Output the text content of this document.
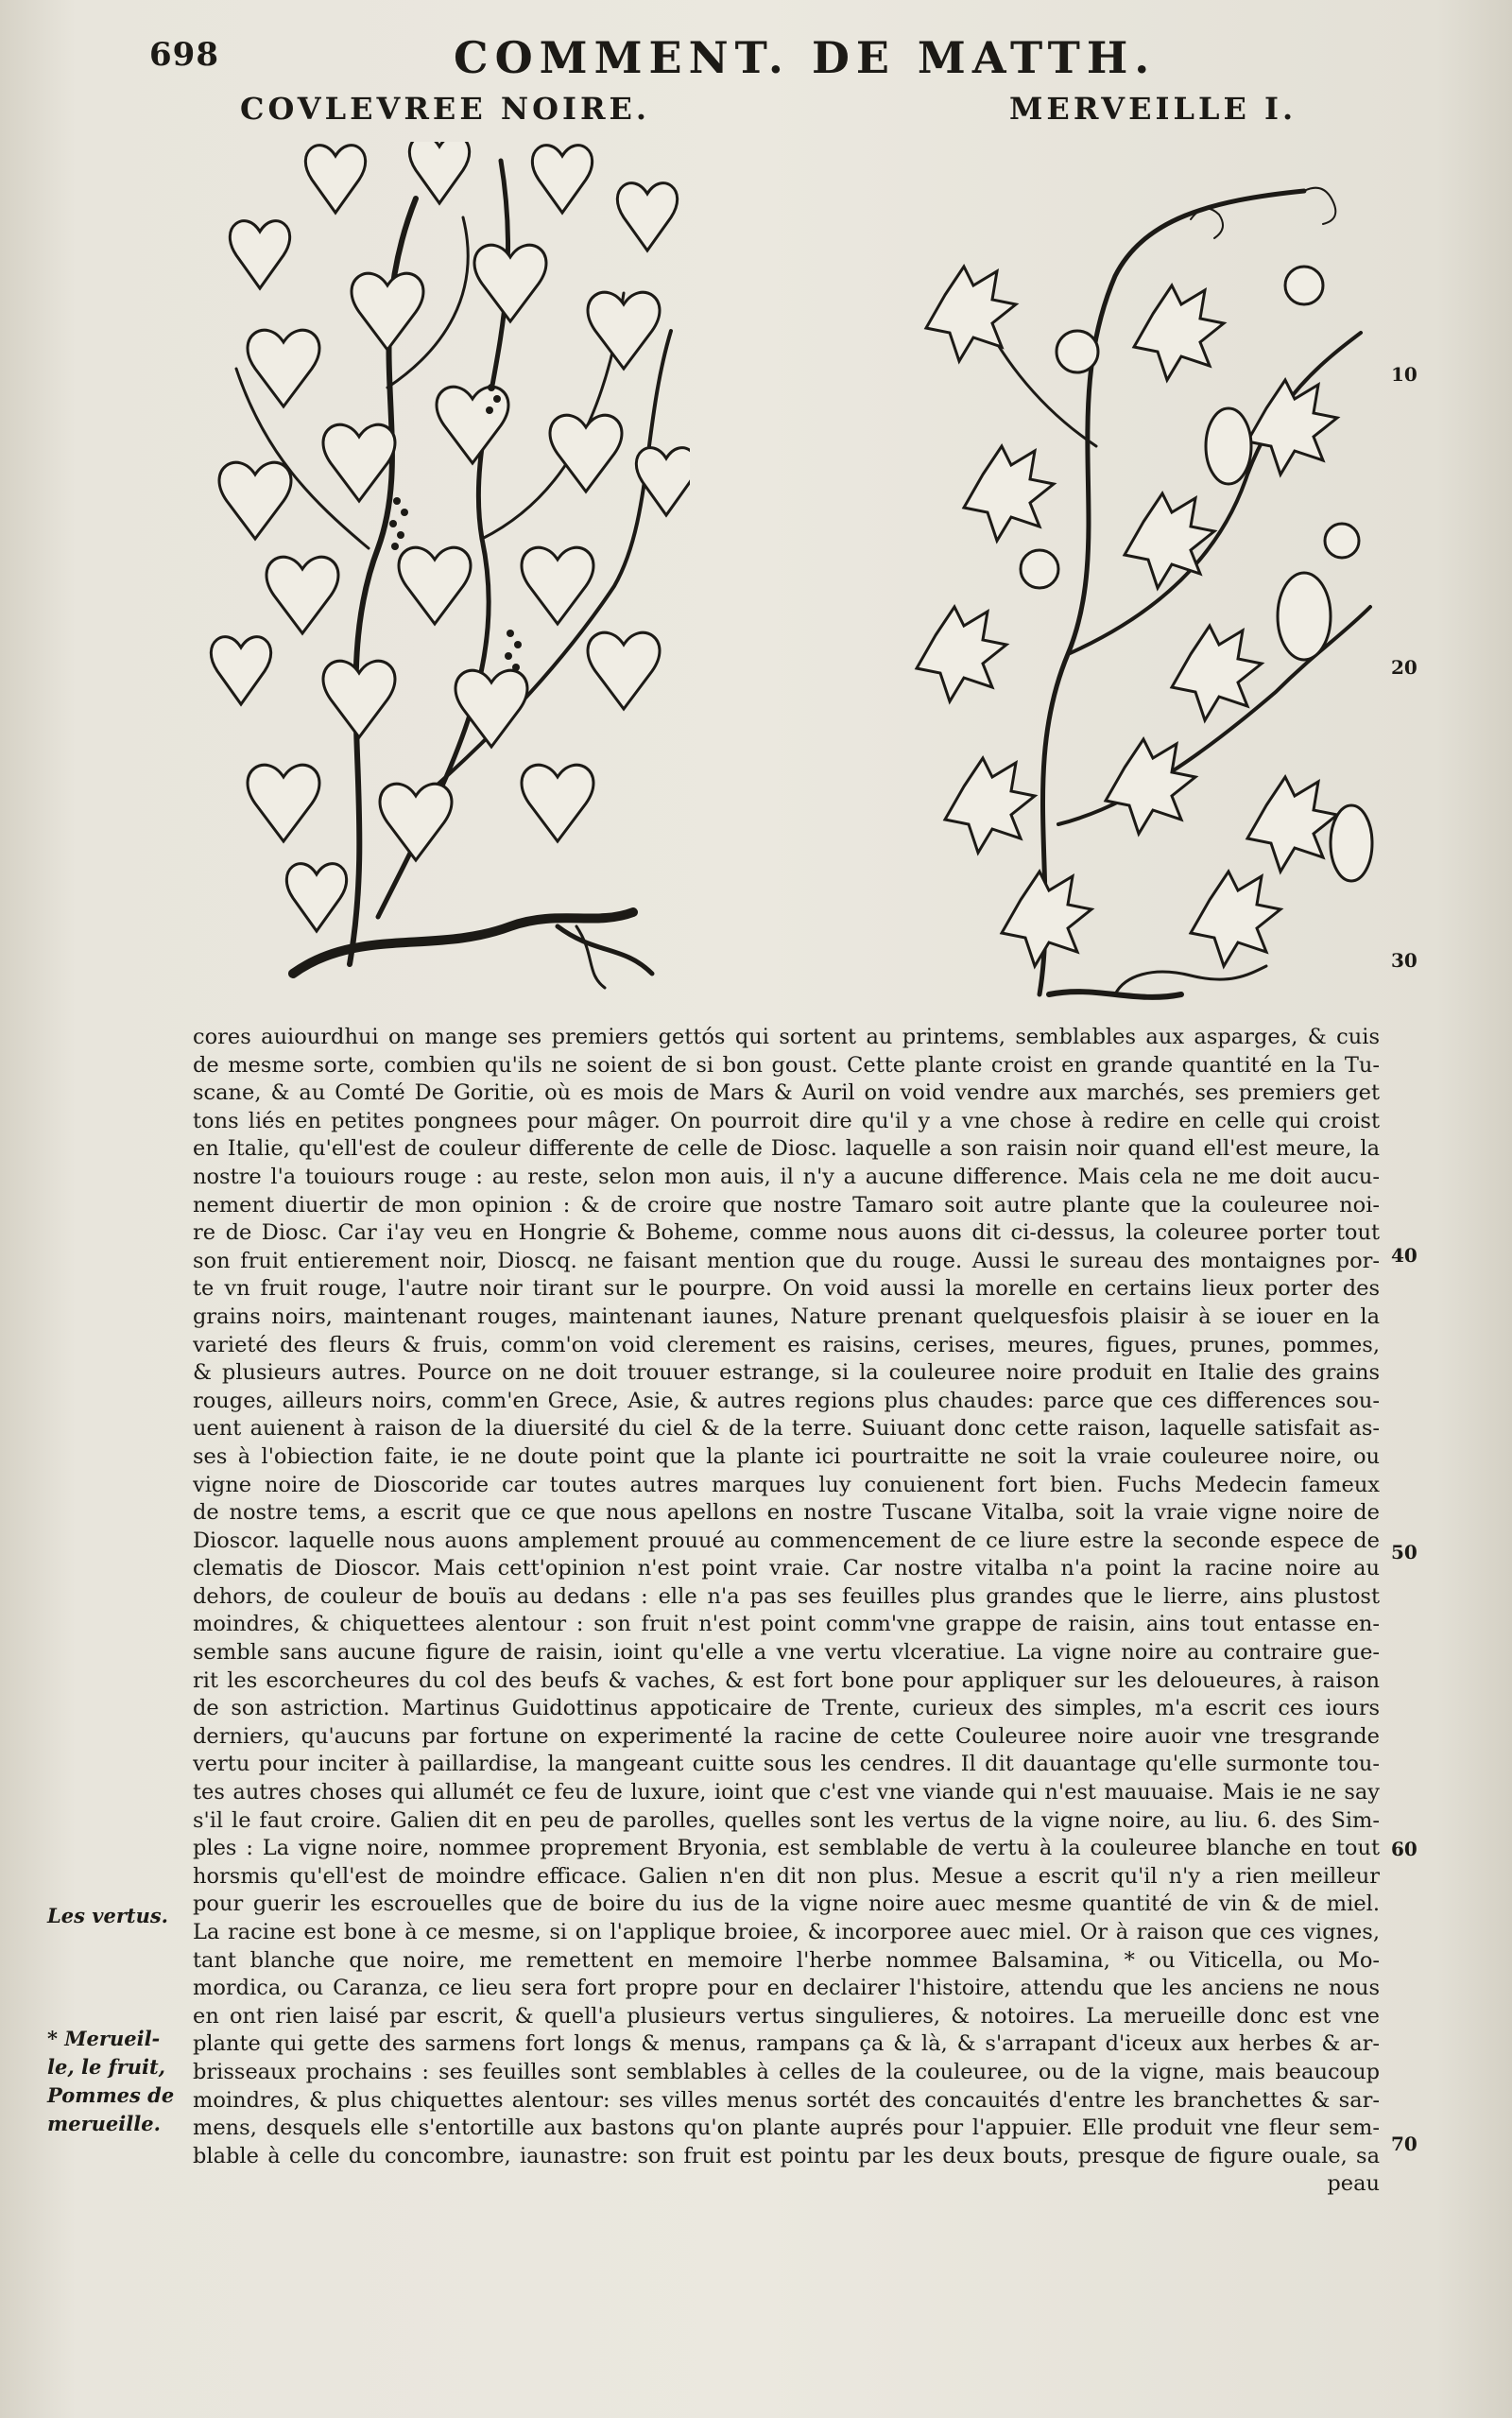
698	COMMENT. DE MATTH.
COVLEVREE NOIRE.	MERVEILLE I.
10
20
30
40
50
60
70
Les vertus.
* Merueil-
le, le fruit,
Pommes de
merueille.
cores auiourdhui on mange ses premiers gettós qui sortent au printems, semblables aux asparges, & cuis
de mesme sorte, combien qu'ils ne soient de si bon goust. Cette plante croist en grande quantité en la Tu-
scane, & au Comté De Goritie, où es mois de Mars & Auril on void vendre aux marchés, ses premiers get
tons liés en petites pongnees pour mâger. On pourroit dire qu'il y a vne chose à redire en celle qui croist
en Italie, qu'ell'est de couleur differente de celle de Diosc. laquelle a son raisin noir quand ell'est meure, la
nostre l'a touiours rouge : au reste, selon mon auis, il n'y a aucune difference. Mais cela ne me doit aucu-
nement diuertir de mon opinion : & de croire que nostre Tamaro soit autre plante que la couleuree noi-
re de Diosc. Car i'ay veu en Hongrie & Boheme, comme nous auons dit ci-dessus, la coleuree porter tout
son fruit entierement noir, Dioscq. ne faisant mention que du rouge. Aussi le sureau des montaignes por-
te vn fruit rouge, l'autre noir tirant sur le pourpre. On void aussi la morelle en certains lieux porter des
grains noirs, maintenant rouges, maintenant iaunes, Nature prenant quelquesfois plaisir à se iouer en la
varieté des fleurs & fruis, comm'on void clerement es raisins, cerises, meures, figues, prunes, pommes,
& plusieurs autres. Pource on ne doit trouuer estrange, si la couleuree noire produit en Italie des grains
rouges, ailleurs noirs, comm'en Grece, Asie, & autres regions plus chaudes: parce que ces differences sou-
uent auienent à raison de la diuersité du ciel & de la terre. Suiuant donc cette raison, laquelle satisfait as-
ses à l'obiection faite, ie ne doute point que la plante ici pourtraitte ne soit la vraie couleuree noire, ou
vigne noire de Dioscoride car toutes autres marques luy conuienent fort bien. Fuchs Medecin fameux
de nostre tems, a escrit que ce que nous apellons en nostre Tuscane Vitalba, soit la vraie vigne noire de
Dioscor. laquelle nous auons amplement prouué au commencement de ce liure estre la seconde espece de
clematis de Dioscor. Mais cett'opinion n'est point vraie. Car nostre vitalba n'a point la racine noire au
dehors, de couleur de bouïs au dedans : elle n'a pas ses feuilles plus grandes que le lierre, ains plustost
moindres, & chiquettees alentour : son fruit n'est point comm'vne grappe de raisin, ains tout entasse en-
semble sans aucune figure de raisin, ioint qu'elle a vne vertu vlceratiue. La vigne noire au contraire gue-
rit les escorcheures du col des beufs & vaches, & est fort bone pour appliquer sur les deloueures, à raison
de son astriction. Martinus Guidottinus appoticaire de Trente, curieux des simples, m'a escrit ces iours
derniers, qu'aucuns par fortune on experimenté la racine de cette Couleuree noire auoir vne tresgrande
vertu pour inciter à paillardise, la mangeant cuitte sous les cendres. Il dit dauantage qu'elle surmonte tou-
tes autres choses qui allumét ce feu de luxure, ioint que c'est vne viande qui n'est mauuaise. Mais ie ne say
s'il le faut croire. Galien dit en peu de parolles, quelles sont les vertus de la vigne noire, au liu. 6. des Sim-
ples : La vigne noire, nommee proprement Bryonia, est semblable de vertu à la couleuree blanche en tout
horsmis qu'ell'est de moindre efficace. Galien n'en dit non plus. Mesue a escrit qu'il n'y a rien meilleur
pour guerir les escrouelles que de boire du ius de la vigne noire auec mesme quantité de vin & de miel.
La racine est bone à ce mesme, si on l'applique broiee, & incorporee auec miel. Or à raison que ces vignes,
tant blanche que noire, me remettent en memoire l'herbe nommee Balsamina, * ou Viticella, ou Mo-
mordica, ou Caranza, ce lieu sera fort propre pour en declairer l'histoire, attendu que les anciens ne nous
en ont rien laisé par escrit, & quell'a plusieurs vertus singulieres, & notoires. La merueille donc est vne
plante qui gette des sarmens fort longs & menus, rampans ça & là, & s'arrapant d'iceux aux herbes & ar-
brisseaux prochains : ses feuilles sont semblables à celles de la couleuree, ou de la vigne, mais beaucoup
moindres, & plus chiquettes alentour: ses villes menus sortét des concauités d'entre les branchettes & sar-
mens, desquels elle s'entortille aux bastons qu'on plante auprés pour l'appuier. Elle produit vne fleur sem-
blable à celle du concombre, iaunastre: son fruit est pointu par les deux bouts, presque de figure ouale, sa
peau
